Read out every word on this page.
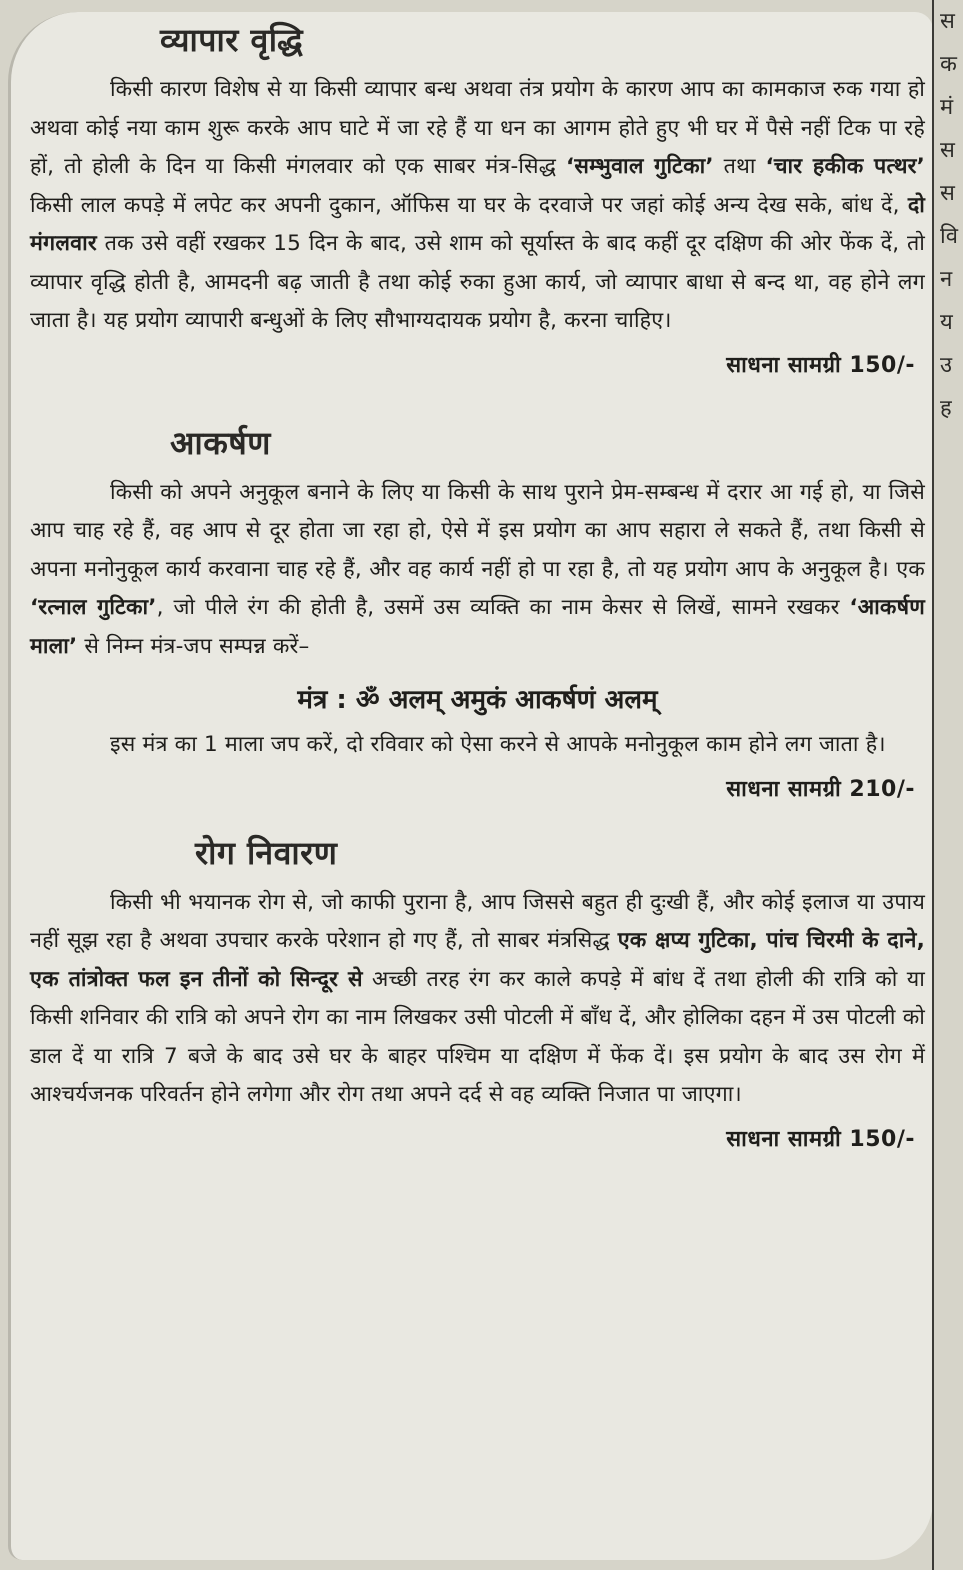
स
क
मं
स
स
वि
न
य
उ
ह
व्यापार वृद्धि

किसी कारण विशेष से या किसी व्यापार बन्ध अथवा तंत्र प्रयोग के कारण आप का कामकाज रुक गया हो अथवा कोई नया काम शुरू करके आप घाटे में जा रहे हैं या धन का आगम होते हुए भी घर में पैसे नहीं टिक पा रहे हों, तो होली के दिन या किसी मंगलवार को एक साबर मंत्र-सिद्ध ‘सम्भुवाल गुटिका’ तथा ‘चार हकीक पत्थर’ किसी लाल कपड़े में लपेट कर अपनी दुकान, ऑफिस या घर के दरवाजे पर जहां कोई अन्य देख सके, बांध दें, दो मंगलवार तक उसे वहीं रखकर 15 दिन के बाद, उसे शाम को सूर्यास्त के बाद कहीं दूर दक्षिण की ओर फेंक दें, तो व्यापार वृद्धि होती है, आमदनी बढ़ जाती है तथा कोई रुका हुआ कार्य, जो व्यापार बाधा से बन्द था, वह होने लग जाता है। यह प्रयोग व्यापारी बन्धुओं के लिए सौभाग्यदायक प्रयोग है, करना चाहिए।

साधना सामग्री 150/-
आकर्षण

किसी को अपने अनुकूल बनाने के लिए या किसी के साथ पुराने प्रेम-सम्बन्ध में दरार आ गई हो, या जिसे आप चाह रहे हैं, वह आप से दूर होता जा रहा हो, ऐसे में इस प्रयोग का आप सहारा ले सकते हैं, तथा किसी से अपना मनोनुकूल कार्य करवाना चाह रहे हैं, और वह कार्य नहीं हो पा रहा है, तो यह प्रयोग आप के अनुकूल है। एक ‘रत्नाल गुटिका’, जो पीले रंग की होती है, उसमें उस व्यक्ति का नाम केसर से लिखें, सामने रखकर ‘आकर्षण माला’ से निम्न मंत्र-जप सम्पन्न करें–

मंत्र : ॐ अलम् अमुकं आकर्षणं अलम्

इस मंत्र का 1 माला जप करें, दो रविवार को ऐसा करने से आपके मनोनुकूल काम होने लग जाता है।

साधना सामग्री 210/-
रोग निवारण

किसी भी भयानक रोग से, जो काफी पुराना है, आप जिससे बहुत ही दुःखी हैं, और कोई इलाज या उपाय नहीं सूझ रहा है अथवा उपचार करके परेशान हो गए हैं, तो साबर मंत्रसिद्ध एक क्षप्य गुटिका, पांच चिरमी के दाने, एक तांत्रोक्त फल इन तीनों को सिन्दूर से अच्छी तरह रंग कर काले कपड़े में बांध दें तथा होली की रात्रि को या किसी शनिवार की रात्रि को अपने रोग का नाम लिखकर उसी पोटली में बाँध दें, और होलिका दहन में उस पोटली को डाल दें या रात्रि 7 बजे के बाद उसे घर के बाहर पश्चिम या दक्षिण में फेंक दें। इस प्रयोग के बाद उस रोग में आश्चर्यजनक परिवर्तन होने लगेगा और रोग तथा अपने दर्द से वह व्यक्ति निजात पा जाएगा।

साधना सामग्री 150/-
